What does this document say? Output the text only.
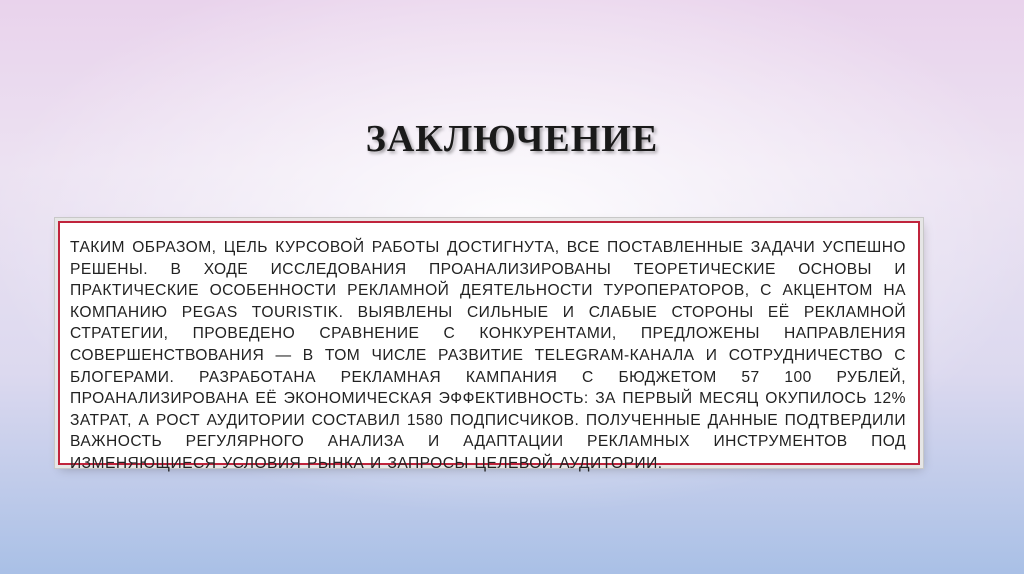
ЗАКЛЮЧЕНИЕ

ТАКИМ ОБРАЗОМ, ЦЕЛЬ КУРСОВОЙ РАБОТЫ ДОСТИГНУТА, ВСЕ ПОСТАВЛЕННЫЕ ЗАДАЧИ УСПЕШНО РЕШЕНЫ. В ХОДЕ ИССЛЕДОВАНИЯ ПРОАНАЛИЗИРОВАНЫ ТЕОРЕТИЧЕСКИЕ ОСНОВЫ И ПРАКТИЧЕСКИЕ ОСОБЕННОСТИ РЕКЛАМНОЙ ДЕЯТЕЛЬНОСТИ ТУРОПЕРАТОРОВ, С АКЦЕНТОМ НА КОМПАНИЮ PEGAS TOURISTIK. ВЫЯВЛЕНЫ СИЛЬНЫЕ И СЛАБЫЕ СТОРОНЫ ЕЁ РЕКЛАМНОЙ СТРАТЕГИИ, ПРОВЕДЕНО СРАВНЕНИЕ С КОНКУРЕНТАМИ, ПРЕДЛОЖЕНЫ НАПРАВЛЕНИЯ СОВЕРШЕНСТВОВАНИЯ — В ТОМ ЧИСЛЕ РАЗВИТИЕ TELEGRAM-КАНАЛА И СОТРУДНИЧЕСТВО С БЛОГЕРАМИ. РАЗРАБОТАНА РЕКЛАМНАЯ КАМПАНИЯ С БЮДЖЕТОМ 57 100 РУБЛЕЙ, ПРОАНАЛИЗИРОВАНА ЕЁ ЭКОНОМИЧЕСКАЯ ЭФФЕКТИВНОСТЬ: ЗА ПЕРВЫЙ МЕСЯЦ ОКУПИЛОСЬ 12% ЗАТРАТ, А РОСТ АУДИТОРИИ СОСТАВИЛ 1580 ПОДПИСЧИКОВ. ПОЛУЧЕННЫЕ ДАННЫЕ ПОДТВЕРДИЛИ ВАЖНОСТЬ РЕГУЛЯРНОГО АНАЛИЗА И АДАПТАЦИИ РЕКЛАМНЫХ ИНСТРУМЕНТОВ ПОД ИЗМЕНЯЮЩИЕСЯ УСЛОВИЯ РЫНКА И ЗАПРОСЫ ЦЕЛЕВОЙ АУДИТОРИИ.
